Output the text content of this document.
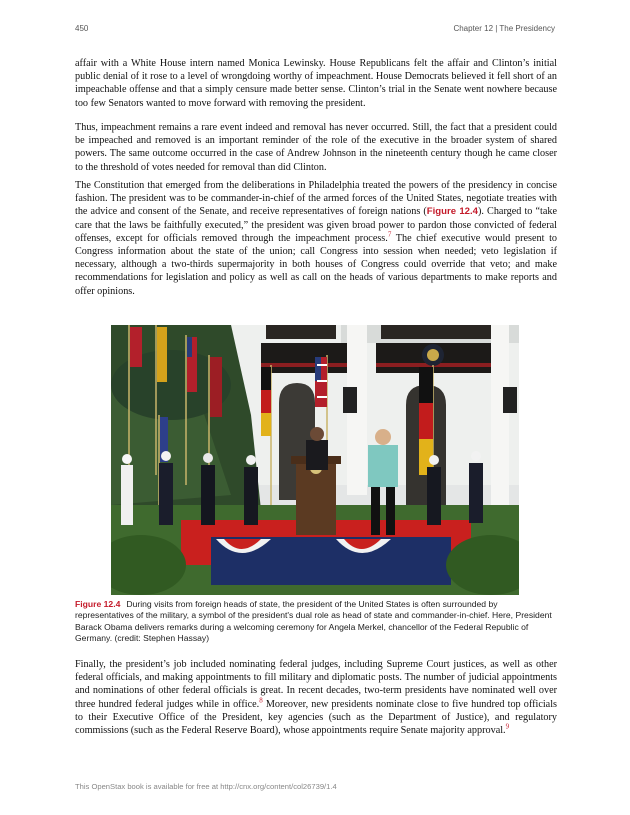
450	Chapter 12 | The Presidency

affair with a White House intern named Monica Lewinsky. House Republicans felt the affair and Clinton’s initial public denial of it rose to a level of wrongdoing worthy of impeachment. House Democrats believed it fell short of an impeachable offense and that a simply censure made better sense. Clinton’s trial in the Senate went nowhere because too few Senators wanted to move forward with removing the president.

Thus, impeachment remains a rare event indeed and removal has never occurred. Still, the fact that a president could be impeached and removed is an important reminder of the role of the executive in the broader system of shared powers. The same outcome occurred in the case of Andrew Johnson in the nineteenth century though he came closer to the threshold of votes needed for removal than did Clinton.

The Constitution that emerged from the deliberations in Philadelphia treated the powers of the presidency in concise fashion. The president was to be commander-in-chief of the armed forces of the United States, negotiate treaties with the advice and consent of the Senate, and receive representatives of foreign nations (Figure 12.4). Charged to “take care that the laws be faithfully executed,” the president was given broad power to pardon those convicted of federal offenses, except for officials removed through the impeachment process.$^7$ The chief executive would present to Congress information about the state of the union; call Congress into session when needed; veto legislation if necessary, although a two-thirds supermajority in both houses of Congress could override that veto; and make recommendations for legislation and policy as well as call on the heads of various departments to make reports and offer opinions.

Figure 12.4 During visits from foreign heads of state, the president of the United States is often surrounded by representatives of the military, a symbol of the president's dual role as head of state and commander-in-chief. Here, President Barack Obama delivers remarks during a welcoming ceremony for Angela Merkel, chancellor of the Federal Republic of Germany. (credit: Stephen Hassay)

Finally, the president’s job included nominating federal judges, including Supreme Court justices, as well as other federal officials, and making appointments to fill military and diplomatic posts. The number of judicial appointments and nominations of other federal officials is great. In recent decades, two-term presidents have nominated well over three hundred federal judges while in office.$^8$ Moreover, new presidents nominate close to five hundred top officials to their Executive Office of the President, key agencies (such as the Department of Justice), and regulatory commissions (such as the Federal Reserve Board), whose appointments require Senate majority approval.$^9$

This OpenStax book is available for free at http://cnx.org/content/col26739/1.4
